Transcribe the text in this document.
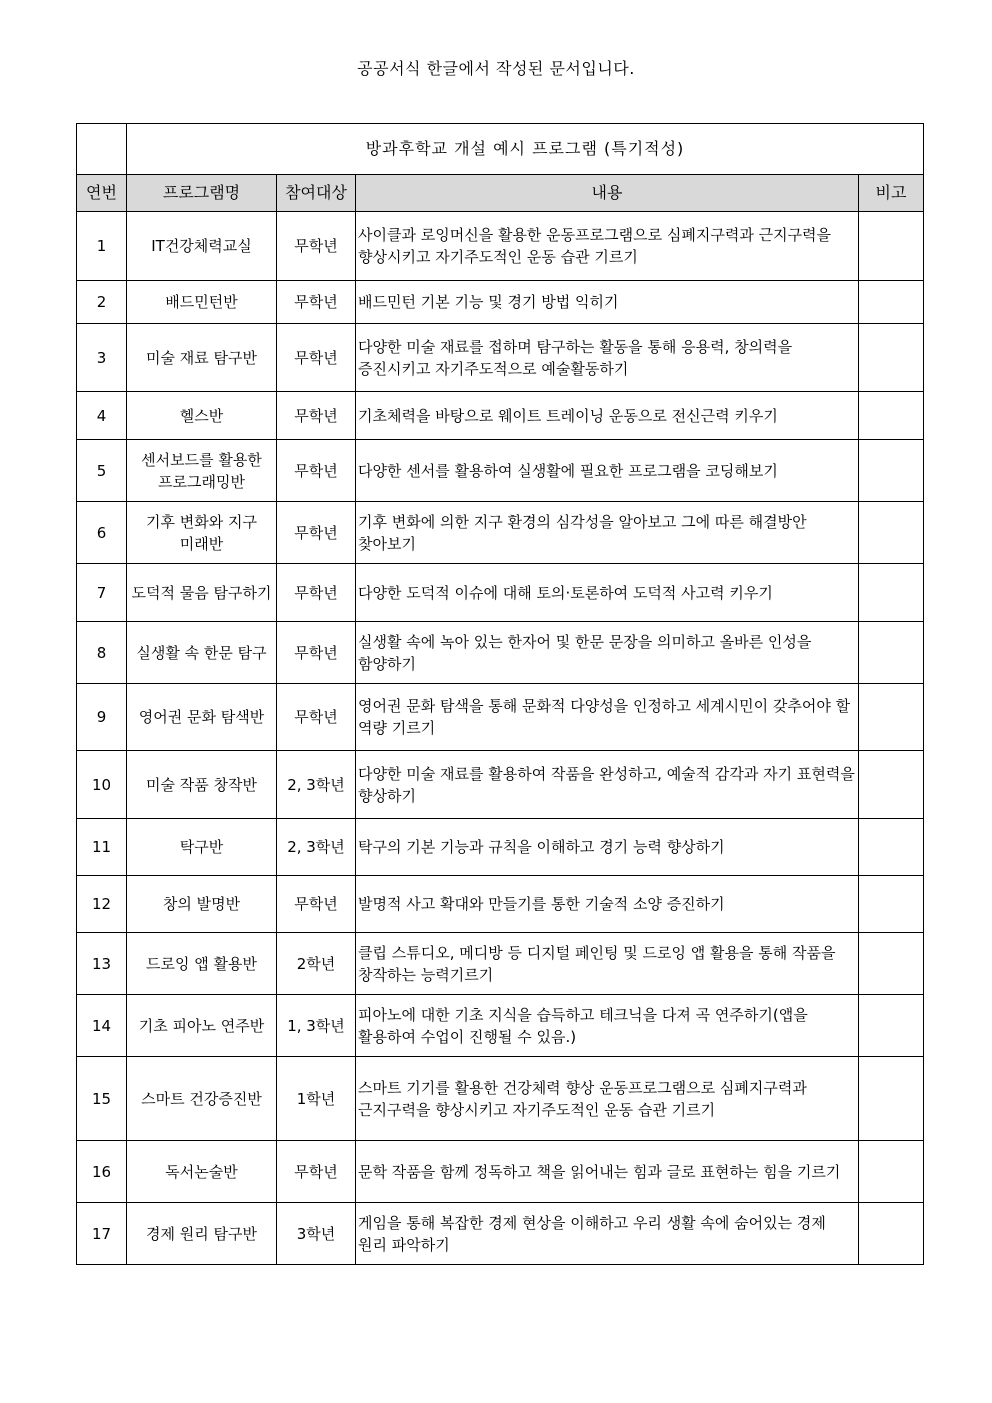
공공서식 한글에서 작성된 문서입니다.
	방과후학교 개설 예시 프로그램 (특기적성)			
연번	프로그램명	참여대상	내용	비고
1	IT건강체력교실	무학년	사이클과 로잉머신을 활용한 운동프로그램으로 심폐지구력과 근지구력을 향상시키고 자기주도적인 운동 습관 기르기	
2	배드민턴반	무학년	배드민턴 기본 기능 및 경기 방법 익히기	
3	미술 재료 탐구반	무학년	다양한 미술 재료를 접하며 탐구하는 활동을 통해 응용력, 창의력을 증진시키고 자기주도적으로 예술활동하기	
4	헬스반	무학년	기초체력을 바탕으로 웨이트 트레이닝 운동으로 전신근력 키우기	
5	센서보드를 활용한 프로그래밍반	무학년	다양한 센서를 활용하여 실생활에 필요한 프로그램을 코딩해보기	
6	기후 변화와 지구 미래반	무학년	기후 변화에 의한 지구 환경의 심각성을 알아보고 그에 따른 해결방안 찾아보기	
7	도덕적 물음 탐구하기	무학년	다양한 도덕적 이슈에 대해 토의·토론하여 도덕적 사고력 키우기	
8	실생활 속 한문 탐구	무학년	실생활 속에 녹아 있는 한자어 및 한문 문장을 의미하고 올바른 인성을 함양하기	
9	영어권 문화 탐색반	무학년	영어권 문화 탐색을 통해 문화적 다양성을 인정하고 세계시민이 갖추어야 할 역량 기르기	
10	미술 작품 창작반	2, 3학년	다양한 미술 재료를 활용하여 작품을 완성하고, 예술적 감각과 자기 표현력을 향상하기	
11	탁구반	2, 3학년	탁구의 기본 기능과 규칙을 이해하고 경기 능력 향상하기	
12	창의 발명반	무학년	발명적 사고 확대와 만들기를 통한 기술적 소양 증진하기	
13	드로잉 앱 활용반	2학년	클립 스튜디오, 메디방 등 디지털 페인팅 및 드로잉 앱 활용을 통해 작품을 창작하는 능력기르기	
14	기초 피아노 연주반	1, 3학년	피아노에 대한 기초 지식을 습득하고 테크닉을 다져 곡 연주하기(앱을 활용하여 수업이 진행될 수 있음.)	
15	스마트 건강증진반	1학년	스마트 기기를 활용한 건강체력 향상 운동프로그램으로 심폐지구력과 근지구력을 향상시키고 자기주도적인 운동 습관 기르기	
16	독서논술반	무학년	문학 작품을 함께 정독하고 책을 읽어내는 힘과 글로 표현하는 힘을 기르기	
17	경제 원리 탐구반	3학년	게임을 통해 복잡한 경제 현상을 이해하고 우리 생활 속에 숨어있는 경제 원리 파악하기	
